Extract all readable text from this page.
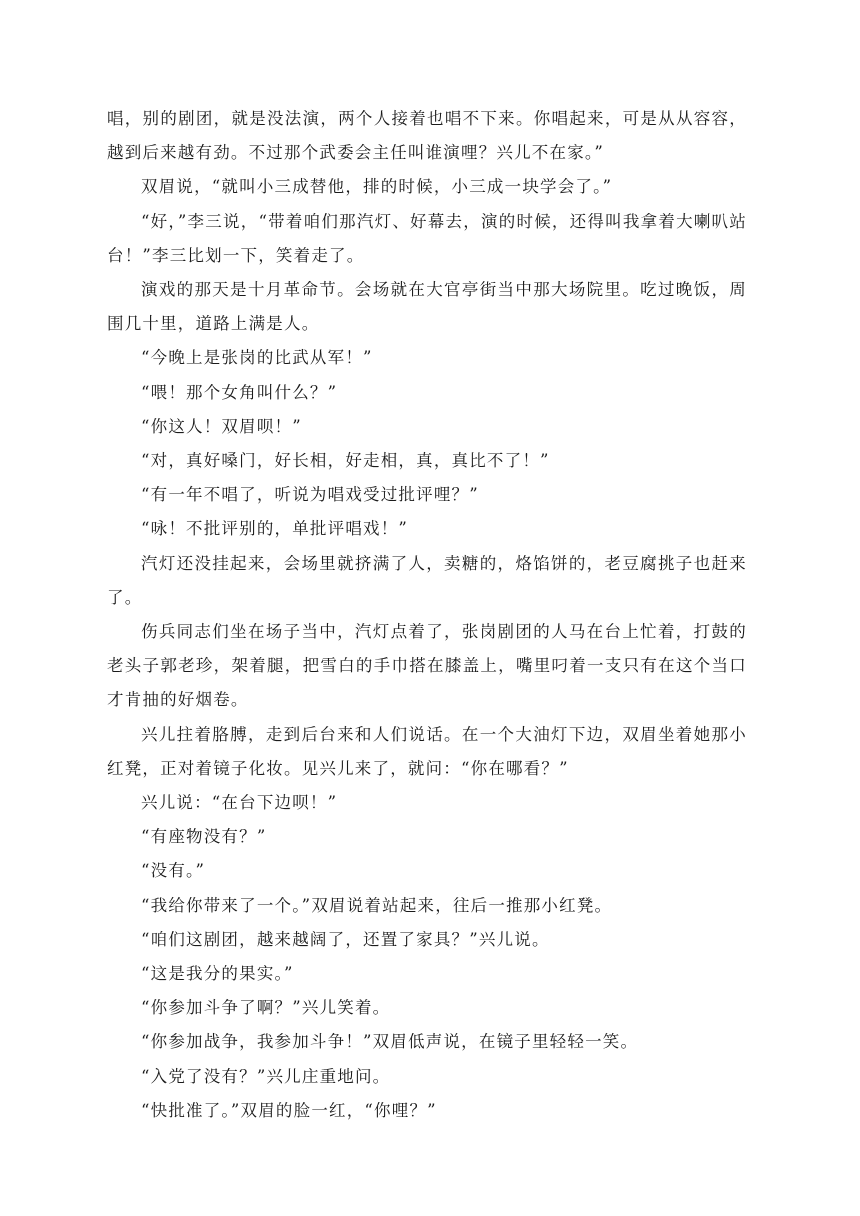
唱，别的剧团，就是没法演，两个人接着也唱不下来。你唱起来，可是从从容容，越到后来越有劲。不过那个武委会主任叫谁演哩？兴儿不在家。”

双眉说，“就叫小三成替他，排的时候，小三成一块学会了。”

“好，”李三说，“带着咱们那汽灯、好幕去，演的时候，还得叫我拿着大喇叭站台！”李三比划一下，笑着走了。

演戏的那天是十月革命节。会场就在大官亭街当中那大场院里。吃过晚饭，周围几十里，道路上满是人。

“今晚上是张岗的比武从军！”

“喂！那个女角叫什么？”

“你这人！双眉呗！”

“对，真好嗓门，好长相，好走相，真，真比不了！”

“有一年不唱了，听说为唱戏受过批评哩？”

“咏！不批评别的，单批评唱戏！”

汽灯还没挂起来，会场里就挤满了人，卖糖的，烙馅饼的，老豆腐挑子也赶来了。

伤兵同志们坐在场子当中，汽灯点着了，张岗剧团的人马在台上忙着，打鼓的老头子郭老珍，架着腿，把雪白的手巾搭在膝盖上，嘴里叼着一支只有在这个当口才肯抽的好烟卷。

兴儿拄着胳膊，走到后台来和人们说话。在一个大油灯下边，双眉坐着她那小红凳，正对着镜子化妆。见兴儿来了，就问：“你在哪看？”

兴儿说：“在台下边呗！”

“有座物没有？”

“没有。”

“我给你带来了一个。”双眉说着站起来，往后一推那小红凳。

“咱们这剧团，越来越阔了，还置了家具？”兴儿说。

“这是我分的果实。”

“你参加斗争了啊？”兴儿笑着。

“你参加战争，我参加斗争！”双眉低声说，在镜子里轻轻一笑。

“入党了没有？”兴儿庄重地问。

“快批准了。”双眉的脸一红，“你哩？”
